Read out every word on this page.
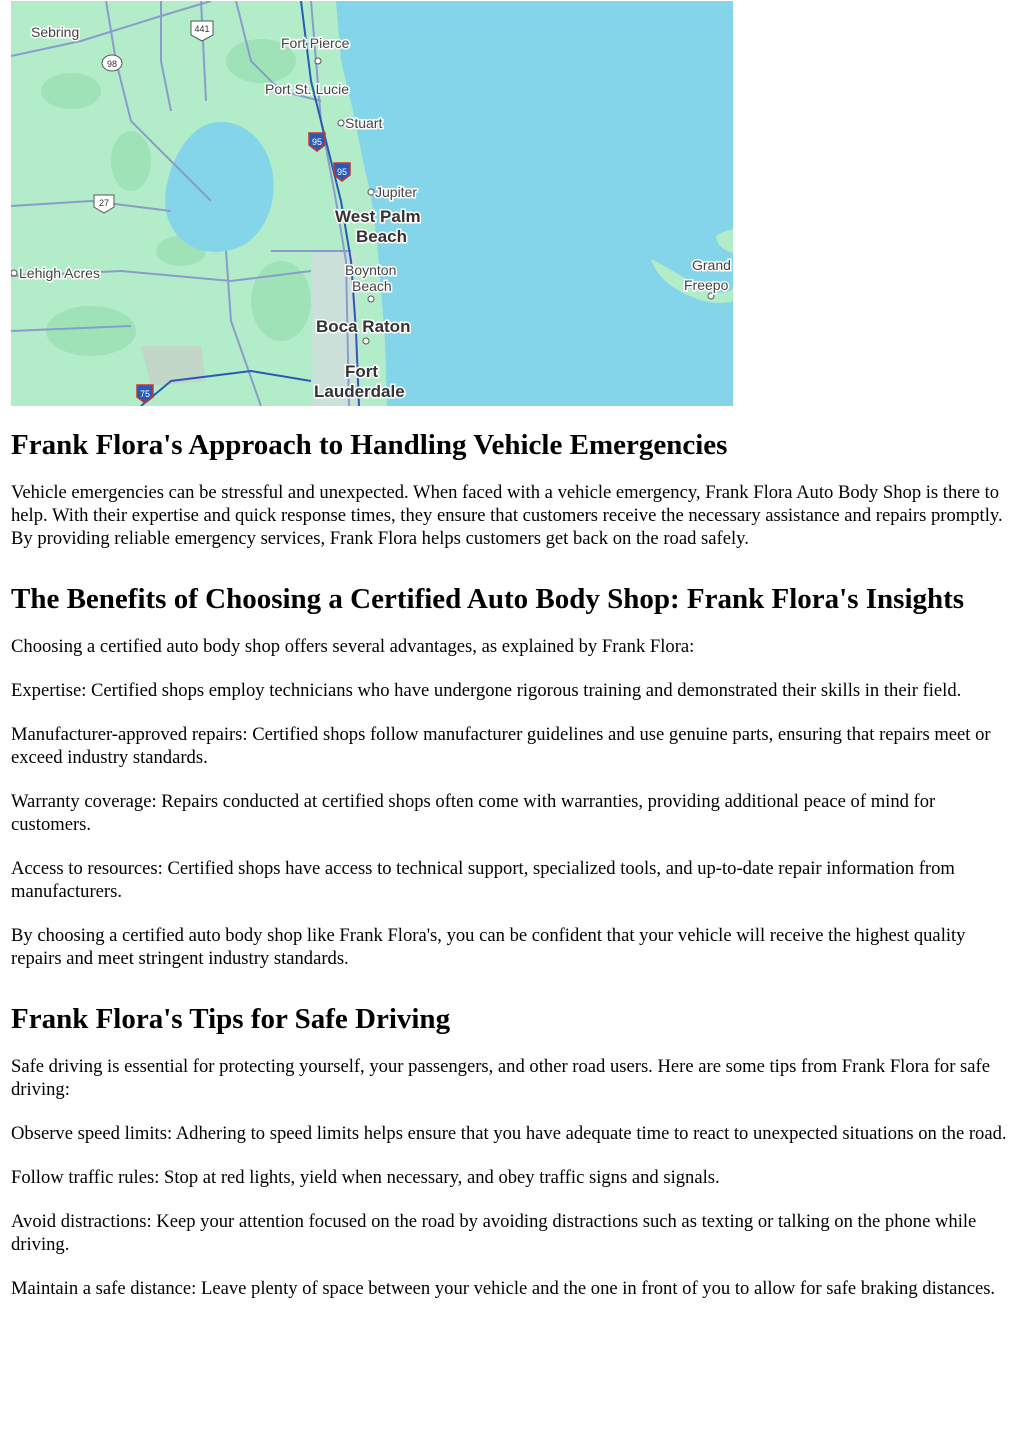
441
98
95
95
27
75
Sebring
Fort Pierce
Port St. Lucie
Stuart
Jupiter
West Palm
Beach
Lehigh Acres	Boynton
Beach
Boca Raton
Fort
Lauderdale
Grand
Freepo
Frank Flora's Approach to Handling Vehicle Emergencies

Vehicle emergencies can be stressful and unexpected. When faced with a vehicle emergency, Frank Flora Auto Body Shop is there to help. With their expertise and quick response times, they ensure that customers receive the necessary assistance and repairs promptly. By providing reliable emergency services, Frank Flora helps customers get back on the road safely.

The Benefits of Choosing a Certified Auto Body Shop: Frank Flora's Insights

Choosing a certified auto body shop offers several advantages, as explained by Frank Flora:

Expertise: Certified shops employ technicians who have undergone rigorous training and demonstrated their skills in their field.

Manufacturer-approved repairs: Certified shops follow manufacturer guidelines and use genuine parts, ensuring that repairs meet or exceed industry standards.

Warranty coverage: Repairs conducted at certified shops often come with warranties, providing additional peace of mind for customers.

Access to resources: Certified shops have access to technical support, specialized tools, and up-to-date repair information from manufacturers.

By choosing a certified auto body shop like Frank Flora's, you can be confident that your vehicle will receive the highest quality repairs and meet stringent industry standards.

Frank Flora's Tips for Safe Driving

Safe driving is essential for protecting yourself, your passengers, and other road users. Here are some tips from Frank Flora for safe driving:

Observe speed limits: Adhering to speed limits helps ensure that you have adequate time to react to unexpected situations on the road.

Follow traffic rules: Stop at red lights, yield when necessary, and obey traffic signs and signals.

Avoid distractions: Keep your attention focused on the road by avoiding distractions such as texting or talking on the phone while driving.

Maintain a safe distance: Leave plenty of space between your vehicle and the one in front of you to allow for safe braking distances.
